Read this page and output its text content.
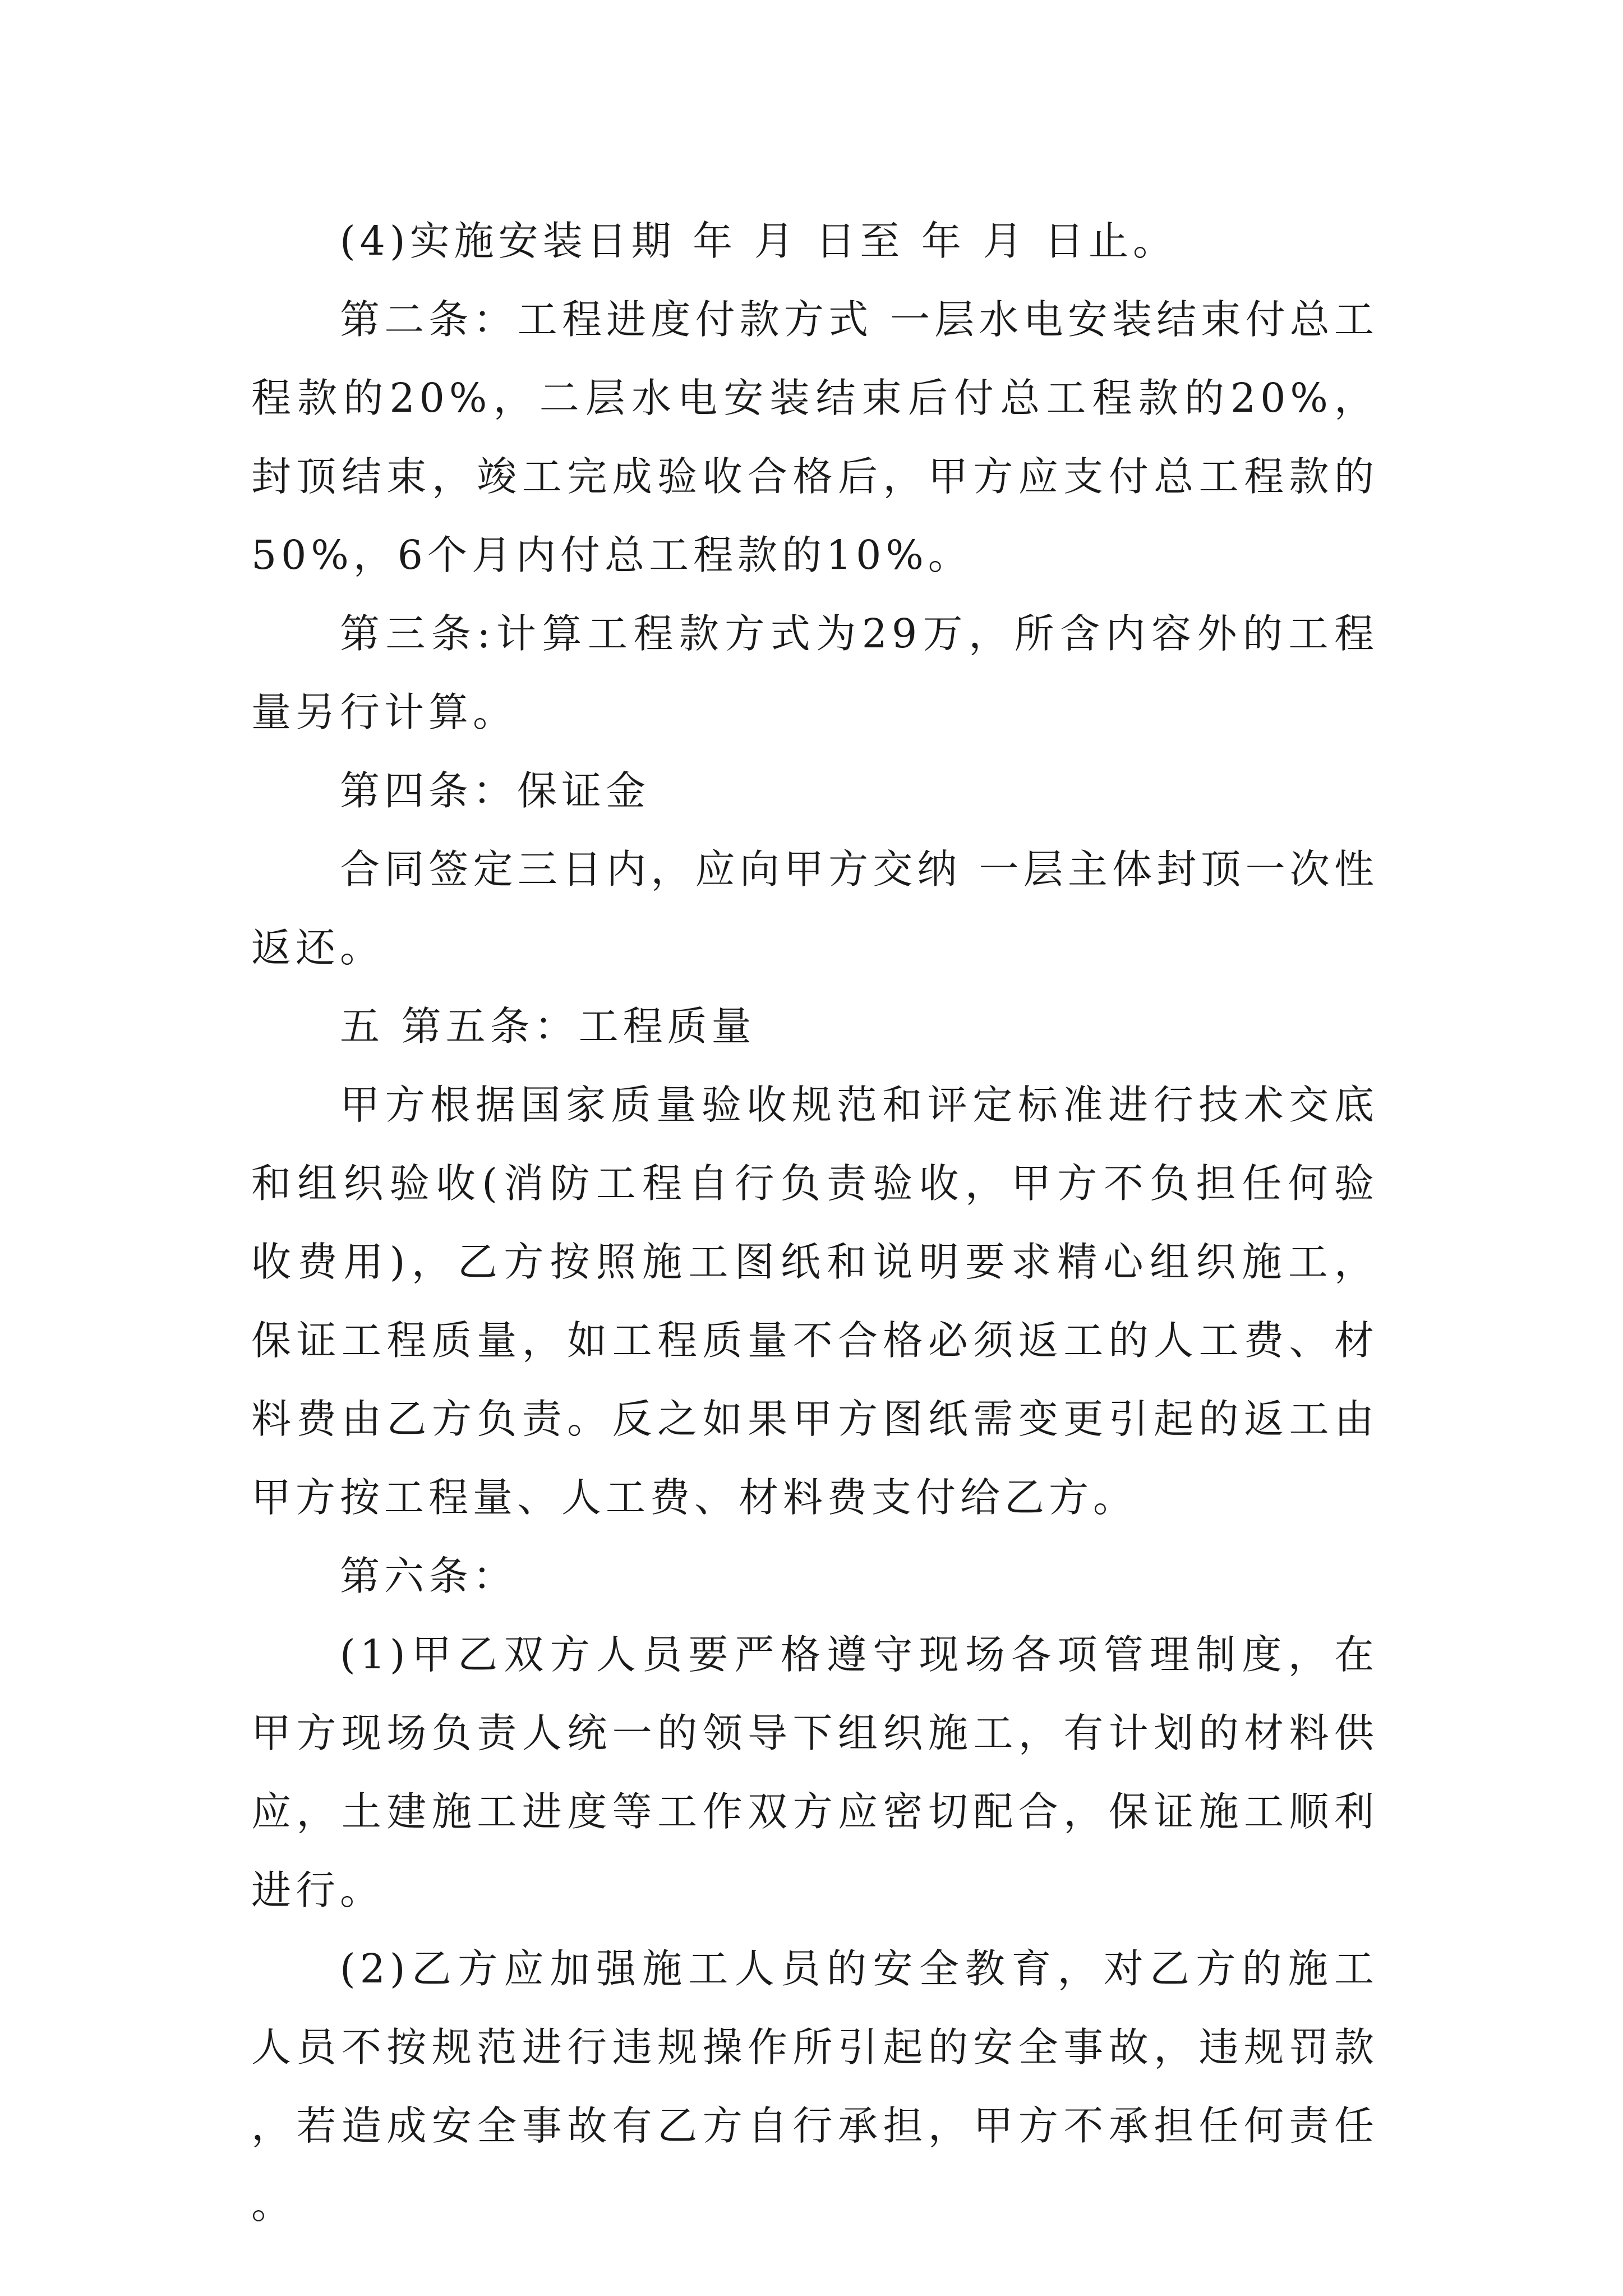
(4)实施安装日期 年 月 日至 年 月 日止。

第二条：工程进度付款方式 一层水电安装结束付总工程款的20%，二层水电安装结束后付总工程款的20%，封顶结束，竣工完成验收合格后，甲方应支付总工程款的50%，6个月内付总工程款的10%。

第三条:计算工程款方式为29万，所含内容外的工程量另行计算。

第四条：保证金

合同签定三日内，应向甲方交纳 一层主体封顶一次性返还。

五 第五条：工程质量

甲方根据国家质量验收规范和评定标准进行技术交底和组织验收(消防工程自行负责验收，甲方不负担任何验收费用)，乙方按照施工图纸和说明要求精心组织施工，保证工程质量，如工程质量不合格必须返工的人工费、材料费由乙方负责。反之如果甲方图纸需变更引起的返工由甲方按工程量、人工费、材料费支付给乙方。

第六条：

(1)甲乙双方人员要严格遵守现场各项管理制度，在甲方现场负责人统一的领导下组织施工，有计划的材料供应，土建施工进度等工作双方应密切配合，保证施工顺利进行。

(2)乙方应加强施工人员的安全教育，对乙方的施工人员不按规范进行违规操作所引起的安全事故，违规罚款，若造成安全事故有乙方自行承担，甲方不承担任何责任。
